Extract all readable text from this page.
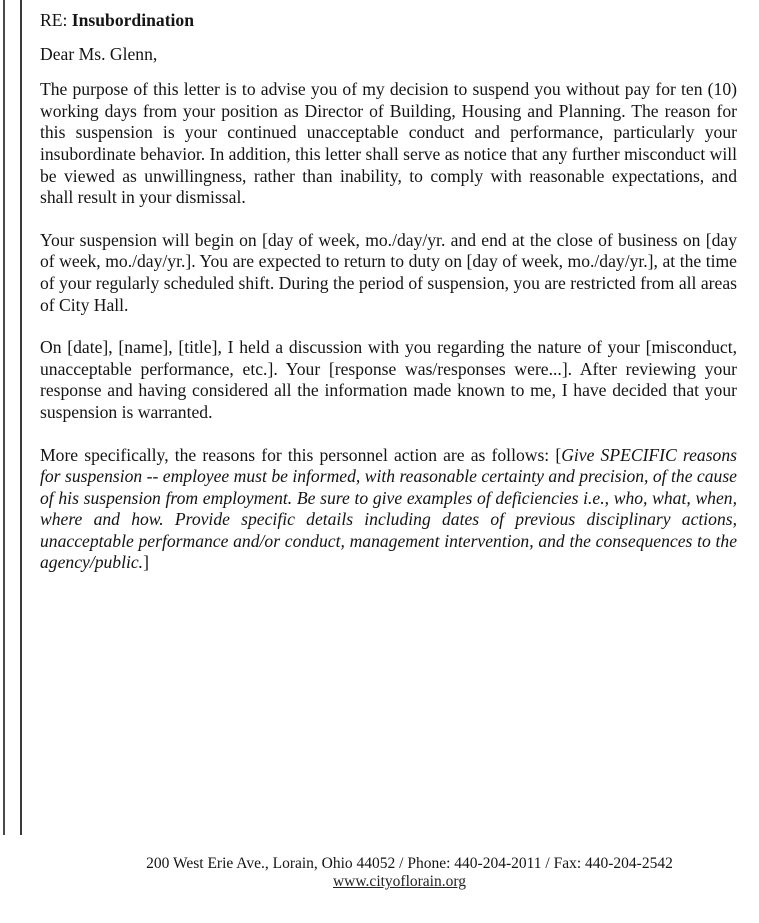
RE: Insubordination
Dear Ms. Glenn,

The purpose of this letter is to advise you of my decision to suspend you without pay for ten (10) working days from your position as Director of Building, Housing and Planning. The reason for this suspension is your continued unacceptable conduct and performance, particularly your insubordinate behavior. In addition, this letter shall serve as notice that any further misconduct will be viewed as unwillingness, rather than inability, to comply with reasonable expectations, and shall result in your dismissal.

Your suspension will begin on [day of week, mo./day/yr. and end at the close of business on [day of week, mo./day/yr.]. You are expected to return to duty on [day of week, mo./day/yr.], at the time of your regularly scheduled shift. During the period of suspension, you are restricted from all areas of City Hall.

On [date], [name], [title], I held a discussion with you regarding the nature of your [misconduct, unacceptable performance, etc.]. Your [response was/responses were...]. After reviewing your response and having considered all the information made known to me, I have decided that your suspension is warranted.

More specifically, the reasons for this personnel action are as follows: [Give SPECIFIC reasons for suspension -- employee must be informed, with reasonable certainty and precision, of the cause of his suspension from employment. Be sure to give examples of deficiencies i.e., who, what, when, where and how. Provide specific details including dates of previous disciplinary actions, unacceptable performance and/or conduct, management intervention, and the consequences to the agency/public.]

200 West Erie Ave., Lorain, Ohio 44052 / Phone: 440-204-2011 / Fax: 440-204-2542
www.cityoflorain.org
